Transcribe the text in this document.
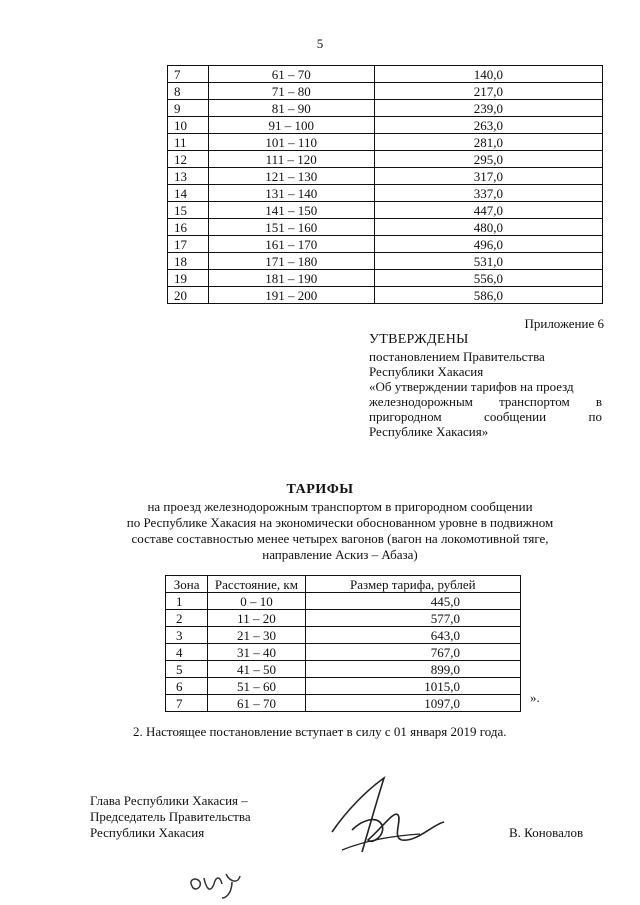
5
7	61 – 70	140,0
8	71 – 80	217,0
9	81 – 90	239,0
10	91 – 100	263,0
11	101 – 110	281,0
12	111 – 120	295,0
13	121 – 130	317,0
14	131 – 140	337,0
15	141 – 150	447,0
16	151 – 160	480,0
17	161 – 170	496,0
18	171 – 180	531,0
19	181 – 190	556,0
20	191 – 200	586,0
Приложение 6
УТВЕРЖДЕНЫ
постановлением Правительства
Республики Хакасия
«Об утверждении тарифов на проезд
железнодорожным транспортом в
пригородном сообщении по
Республике Хакасия»
ТАРИФЫ
на проезд железнодорожным транспортом в пригородном сообщении
по Республике Хакасия на экономически обоснованном уровне в подвижном
составе составностью менее четырех вагонов (вагон на локомотивной тяге,
направление Аскиз – Абаза)
Зона	Расстояние, км	Размер тарифа, рублей
1	0 – 10	445,0
2	11 – 20	577,0
3	21 – 30	643,0
4	31 – 40	767,0
5	41 – 50	899,0
6	51 – 60	1015,0
7	61 – 70	1097,0	».
2. Настоящее постановление вступает в силу с 01 января 2019 года.
Глава Республики Хакасия –
Председатель Правительства
Республики Хакасия	В. Коновалов
